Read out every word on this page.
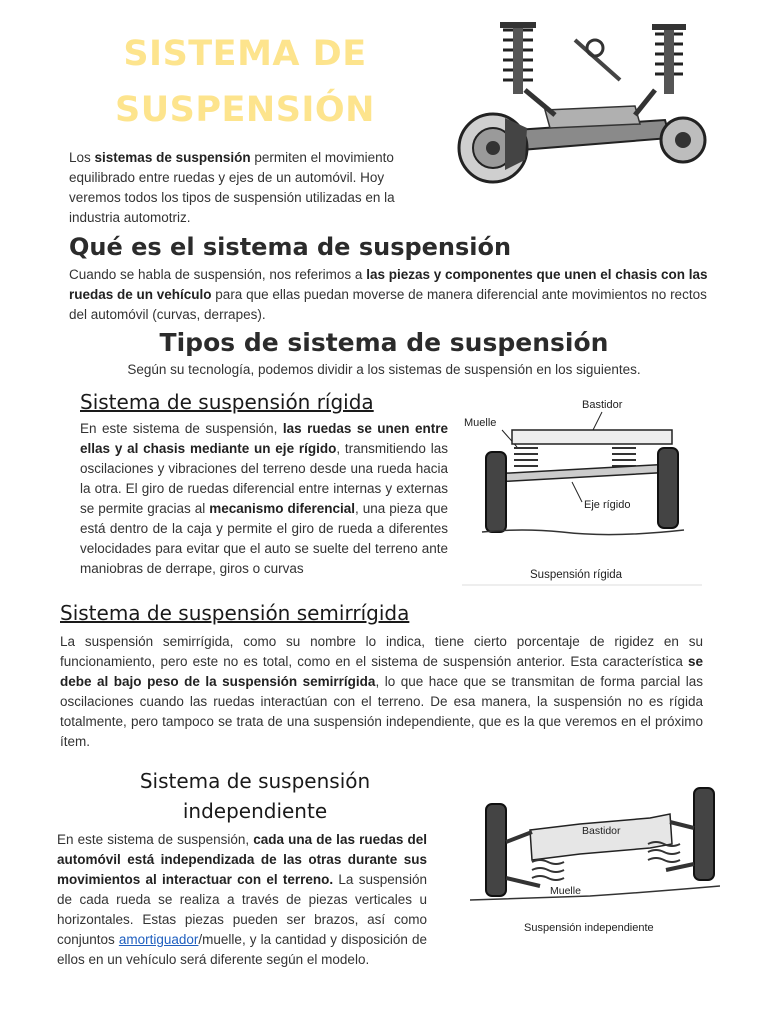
SISTEMA DE
SUSPENSIÓN

Los sistemas de suspensión permiten el movimiento equilibrado entre ruedas y ejes de un automóvil. Hoy veremos todos los tipos de suspensión utilizadas en la industria automotriz.

Qué es el sistema de suspensión

Cuando se habla de suspensión, nos referimos a las piezas y componentes que unen el chasis con las ruedas de un vehículo para que ellas puedan moverse de manera diferencial ante movimientos no rectos del automóvil (curvas, derrapes).

Tipos de sistema de suspensión

Según su tecnología, podemos dividir a los sistemas de suspensión en los siguientes.

Sistema de suspensión rígida

En este sistema de suspensión, las ruedas se unen entre ellas y al chasis mediante un eje rígido, transmitiendo las oscilaciones y vibraciones del terreno desde una rueda hacia la otra. El giro de ruedas diferencial entre internas y externas se permite gracias al mecanismo diferencial, una pieza que está dentro de la caja y permite el giro de rueda a diferentes velocidades para evitar que el auto se suelte del terreno ante maniobras de derrape, giros o curvas

Bastidor
Muelle
Eje rígido
Suspensión rígida
Sistema de suspensión semirrígida

La suspensión semirrígida, como su nombre lo indica, tiene cierto porcentaje de rigidez en su funcionamiento, pero este no es total, como en el sistema de suspensión anterior. Esta característica se debe al bajo peso de la suspensión semirrígida, lo que hace que se transmitan de forma parcial las oscilaciones cuando las ruedas interactúan con el terreno. De esa manera, la suspensión no es rígida totalmente, pero tampoco se trata de una suspensión independiente, que es la que veremos en el próximo ítem.

Sistema de suspensión
independiente

En este sistema de suspensión, cada una de las ruedas del automóvil está independizada de las otras durante sus movimientos al interactuar con el terreno. La suspensión de cada rueda se realiza a través de piezas verticales u horizontales. Estas piezas pueden ser brazos, así como conjuntos amortiguador/muelle, y la cantidad y disposición de ellos en un vehículo será diferente según el modelo.

Bastidor
Muelle
Suspensión independiente
